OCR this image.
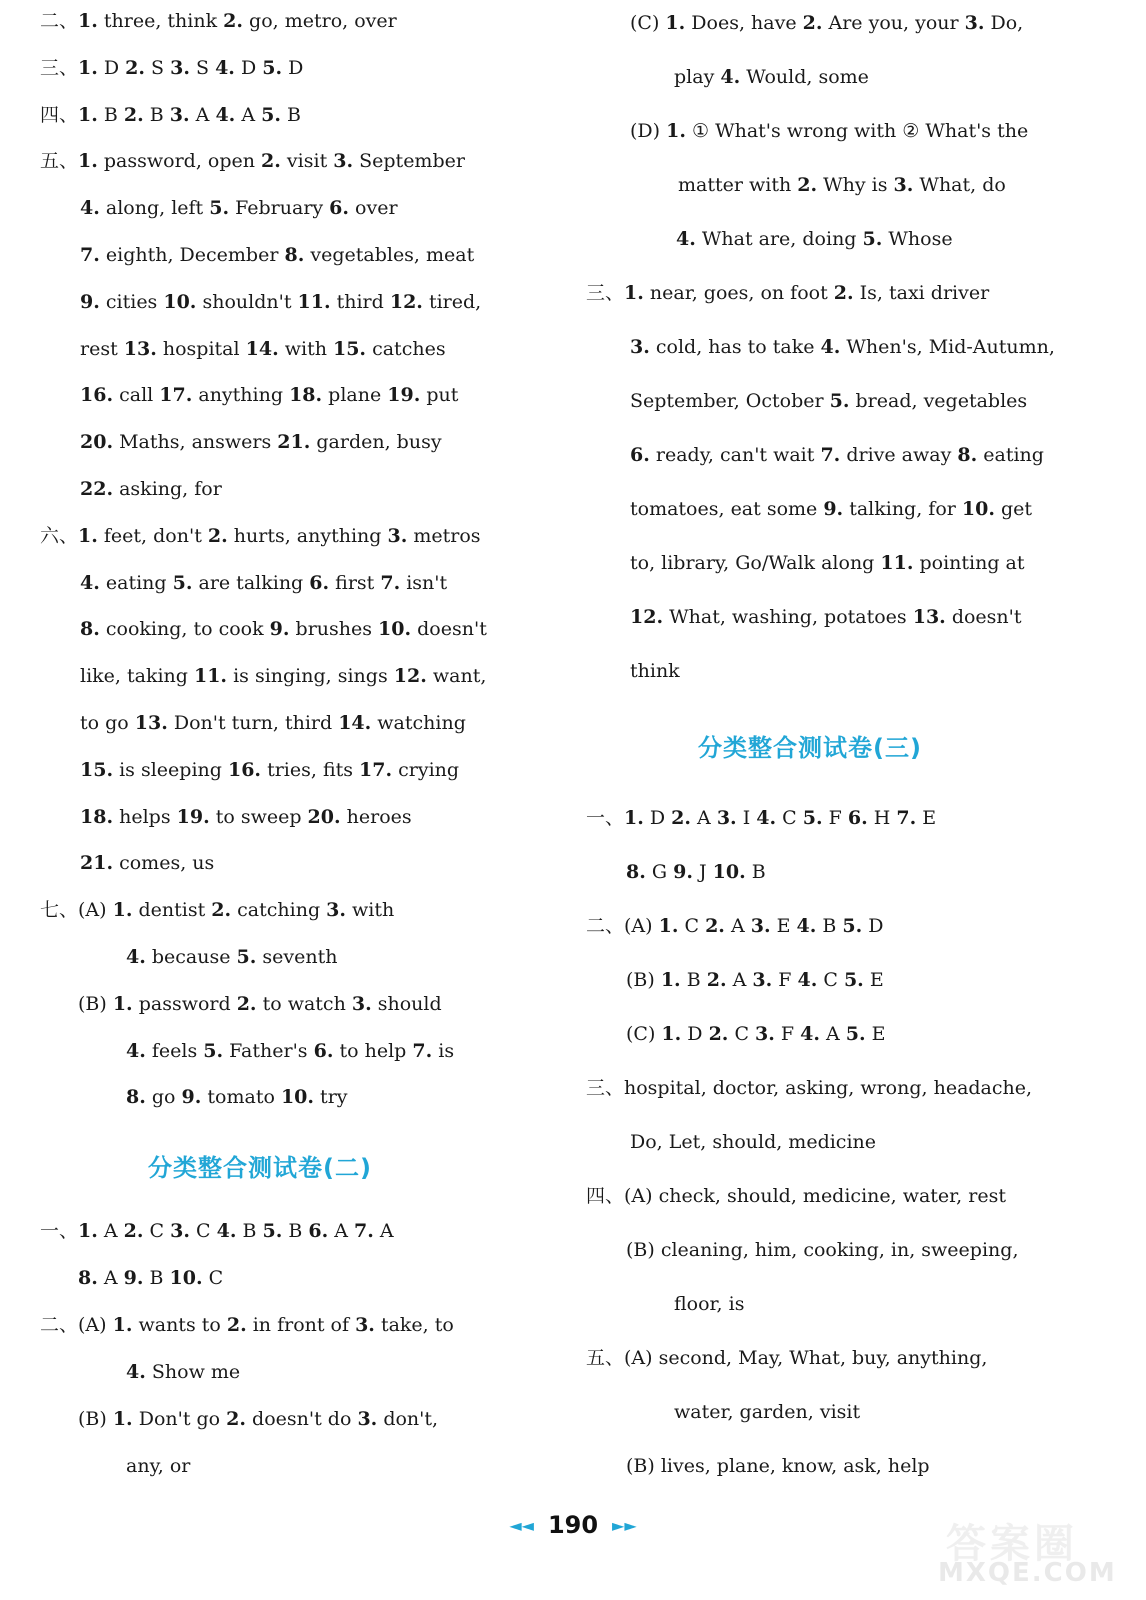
二、1. three, think 2. go, metro, over
三、1. D 2. S 3. S 4. D 5. D
四、1. B 2. B 3. A 4. A 5. B
五、1. password, open 2. visit 3. September
4. along, left 5. February 6. over
7. eighth, December 8. vegetables, meat
9. cities 10. shouldn't 11. third 12. tired,
rest 13. hospital 14. with 15. catches
16. call 17. anything 18. plane 19. put
20. Maths, answers 21. garden, busy
22. asking, for
六、1. feet, don't 2. hurts, anything 3. metros
4. eating 5. are talking 6. first 7. isn't
8. cooking, to cook 9. brushes 10. doesn't
like, taking 11. is singing, sings 12. want,
to go 13. Don't turn, third 14. watching
15. is sleeping 16. tries, fits 17. crying
18. helps 19. to sweep 20. heroes
21. comes, us
七、(A) 1. dentist 2. catching 3. with
4. because 5. seventh
(B) 1. password 2. to watch 3. should
4. feels 5. Father's 6. to help 7. is
8. go 9. tomato 10. try
分类整合测试卷(二)
一、1. A 2. C 3. C 4. B 5. B 6. A 7. A
8. A 9. B 10. C
二、(A) 1. wants to 2. in front of 3. take, to
4. Show me
(B) 1. Don't go 2. doesn't do 3. don't,
any, or
(C) 1. Does, have 2. Are you, your 3. Do,
play 4. Would, some
(D) 1. ① What's wrong with ② What's the
matter with 2. Why is 3. What, do
4. What are, doing 5. Whose
三、1. near, goes, on foot 2. Is, taxi driver
3. cold, has to take 4. When's, Mid-Autumn,
September, October 5. bread, vegetables
6. ready, can't wait 7. drive away 8. eating
tomatoes, eat some 9. talking, for 10. get
to, library, Go/Walk along 11. pointing at
12. What, washing, potatoes 13. doesn't
think
分类整合测试卷(三)
一、1. D 2. A 3. I 4. C 5. F 6. H 7. E
8. G 9. J 10. B
二、(A) 1. C 2. A 3. E 4. B 5. D
(B) 1. B 2. A 3. F 4. C 5. E
(C) 1. D 2. C 3. F 4. A 5. E
三、hospital, doctor, asking, wrong, headache,
Do, Let, should, medicine
四、(A) check, should, medicine, water, rest
(B) cleaning, him, cooking, in, sweeping,
floor, is
五、(A) second, May, What, buy, anything,
water, garden, visit
(B) lives, plane, know, ask, help
◄◄ 190 ►►	答案圈
MXQE.COM
